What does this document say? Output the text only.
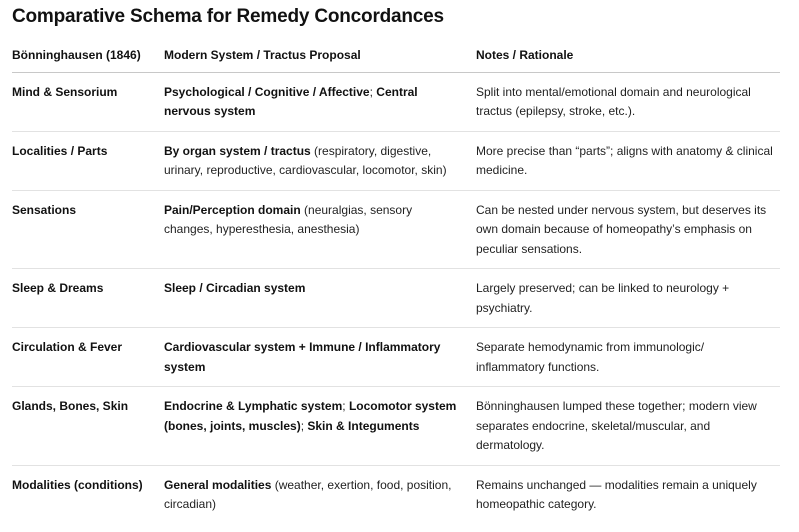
Comparative Schema for Remedy Concordances
Bönninghausen (1846)	Modern System / Tractus Proposal	Notes / Rationale
Mind & Sensorium	Psychological / Cognitive / Affective; Central nervous system	Split into mental/emotional domain and neurological tractus (epilepsy, stroke, etc.).
Localities / Parts	By organ system / tractus (respiratory, digestive, urinary, reproductive, cardiovascular, locomotor, skin)	More precise than “parts”; aligns with anatomy & clinical medicine.
Sensations	Pain/Perception domain (neuralgias, sensory changes, hyperesthesia, anesthesia)	Can be nested under nervous system, but deserves its own domain because of homeopathy’s emphasis on peculiar sensations.
Sleep & Dreams	Sleep / Circadian system	Largely preserved; can be linked to neurology + psychiatry.
Circulation & Fever	Cardiovascular system + Immune / Inflammatory system	Separate hemodynamic from immunologic/ inflammatory functions.
Glands, Bones, Skin	Endocrine & Lymphatic system; Locomotor system (bones, joints, muscles); Skin & Integuments	Bönninghausen lumped these together; modern view separates endocrine, skeletal/muscular, and dermatology.
Modalities (conditions)	General modalities (weather, exertion, food, position, circadian)	Remains unchanged — modalities remain a uniquely homeopathic category.
